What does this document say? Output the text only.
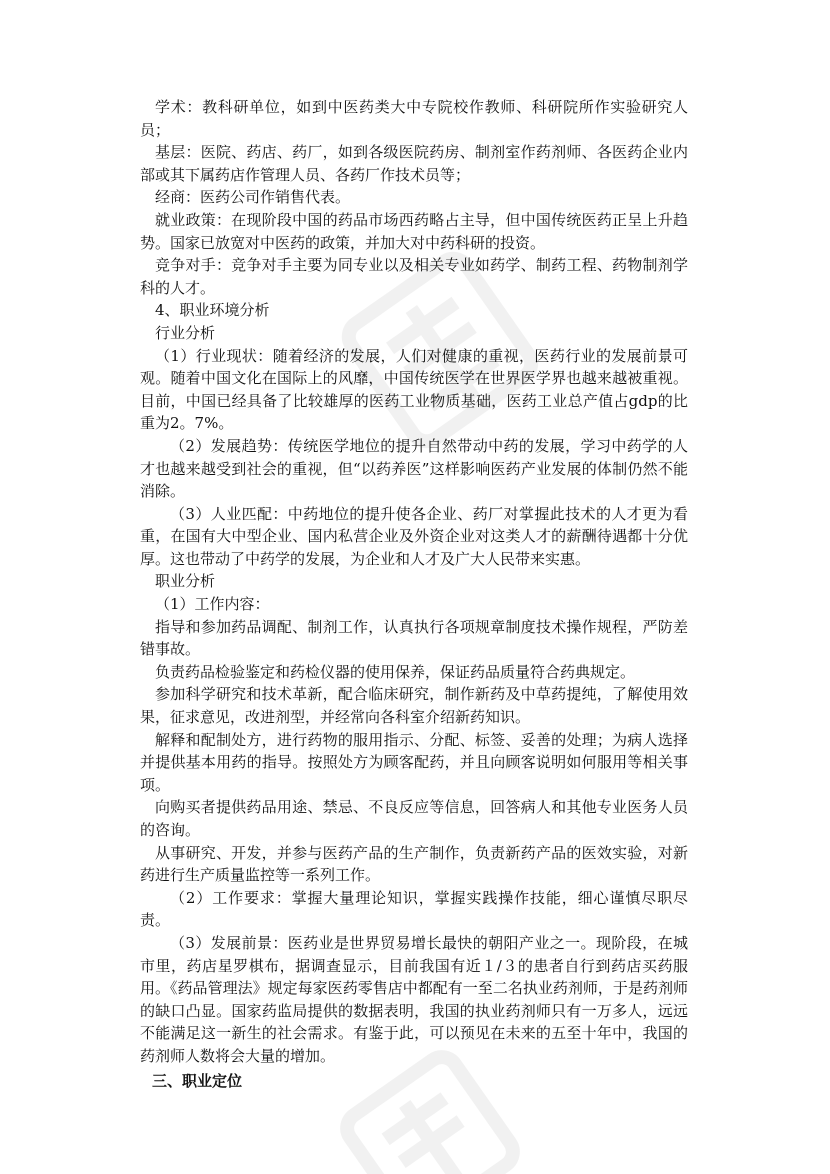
学术：教科研单位，如到中医药类大中专院校作教师、科研院所作实验研究人员；

基层：医院、药店、药厂，如到各级医院药房、制剂室作药剂师、各医药企业内部或其下属药店作管理人员、各药厂作技术员等；

经商：医药公司作销售代表。

就业政策：在现阶段中国的药品市场西药略占主导，但中国传统医药正呈上升趋势。国家已放宽对中医药的政策，并加大对中药科研的投资。

竞争对手：竞争对手主要为同专业以及相关专业如药学、制药工程、药物制剂学科的人才。

4、职业环境分析

行业分析

（1）行业现状：随着经济的发展，人们对健康的重视，医药行业的发展前景可观。随着中国文化在国际上的风靡，中国传统医学在世界医学界也越来越被重视。目前，中国已经具备了比较雄厚的医药工业物质基础，医药工业总产值占gdp的比重为2。7%。

（2）发展趋势：传统医学地位的提升自然带动中药的发展，学习中药学的人才也越来越受到社会的重视，但“以药养医”这样影响医药产业发展的体制仍然不能消除。

（3）人业匹配：中药地位的提升使各企业、药厂对掌握此技术的人才更为看重，在国有大中型企业、国内私营企业及外资企业对这类人才的薪酬待遇都十分优厚。这也带动了中药学的发展，为企业和人才及广大人民带来实惠。

职业分析

（1）工作内容：

指导和参加药品调配、制剂工作，认真执行各项规章制度技术操作规程，严防差错事故。

负责药品检验鉴定和药检仪器的使用保养，保证药品质量符合药典规定。

参加科学研究和技术革新，配合临床研究，制作新药及中草药提纯，了解使用效果，征求意见，改进剂型，并经常向各科室介绍新药知识。

解释和配制处方，进行药物的服用指示、分配、标签、妥善的处理；为病人选择并提供基本用药的指导。按照处方为顾客配药，并且向顾客说明如何服用等相关事项。

向购买者提供药品用途、禁忌、不良反应等信息，回答病人和其他专业医务人员的咨询。

从事研究、开发，并参与医药产品的生产制作，负责新药产品的医效实验，对新药进行生产质量监控等一系列工作。

（2）工作要求：掌握大量理论知识，掌握实践操作技能，细心谨慎尽职尽责。

（3）发展前景：医药业是世界贸易增长最快的朝阳产业之一。现阶段，在城市里，药店星罗棋布，据调查显示，目前我国有近１/３的患者自行到药店买药服用。《药品管理法》规定每家医药零售店中都配有一至二名执业药剂师，于是药剂师的缺口凸显。国家药监局提供的数据表明，我国的执业药剂师只有一万多人，远远不能满足这一新生的社会需求。有鉴于此，可以预见在未来的五至十年中，我国的药剂师人数将会大量的增加。

三、职业定位
